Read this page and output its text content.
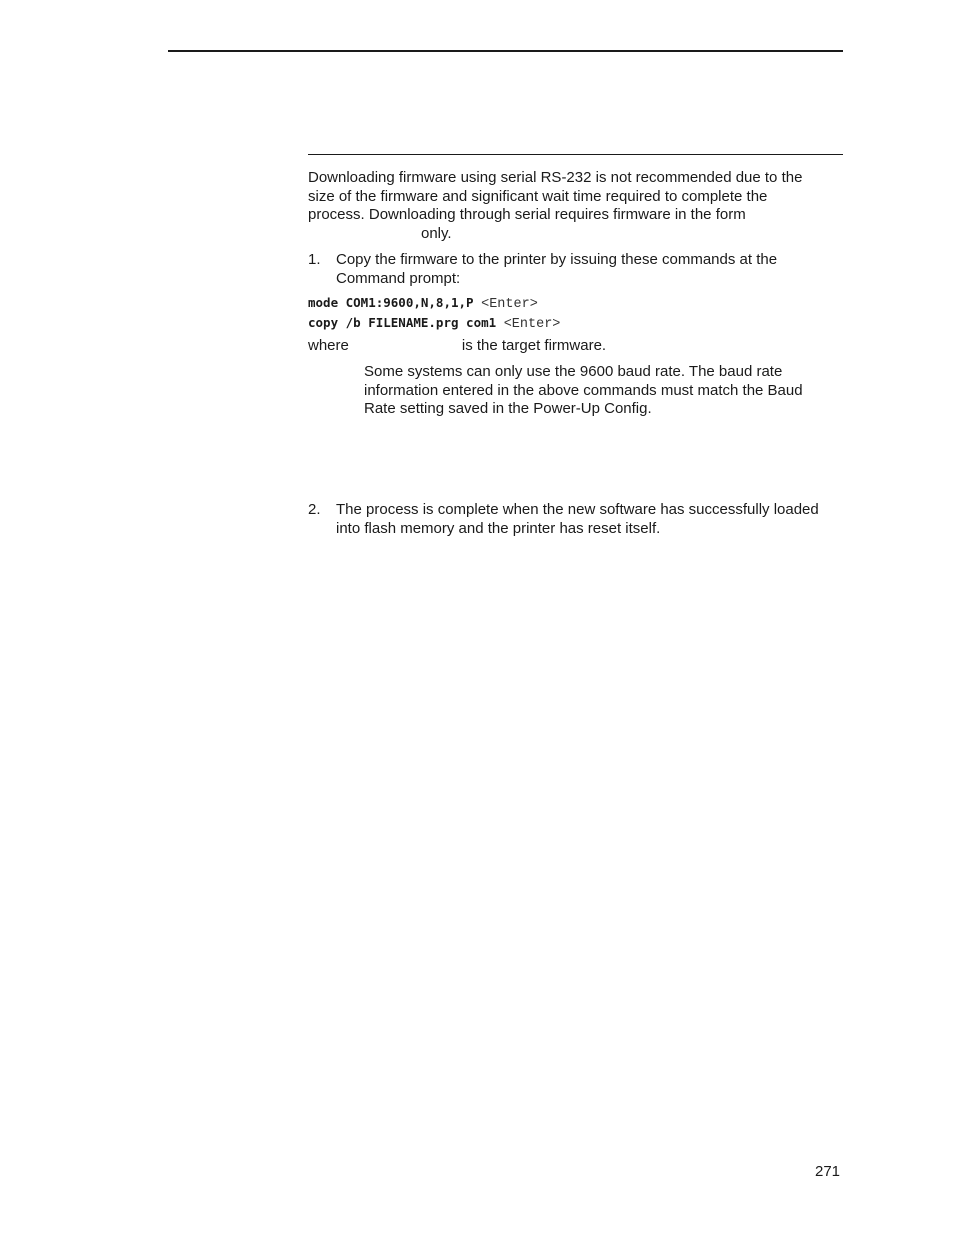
Downloading firmware using serial RS-232 is not recommended due to the
size of the firmware and significant wait time required to complete the
process. Downloading through serial requires firmware in the form
only.
1. Copy the firmware to the printer by issuing these commands at the
Command prompt:
mode COM1:9600,N,8,1,P <Enter>
copy /b FILENAME.prg com1 <Enter>
where	is the target firmware.
Some systems can only use the 9600 baud rate. The baud rate
information entered in the above commands must match the Baud
Rate setting saved in the Power-Up Config.
2. The process is complete when the new software has successfully loaded
into flash memory and the printer has reset itself.
271
